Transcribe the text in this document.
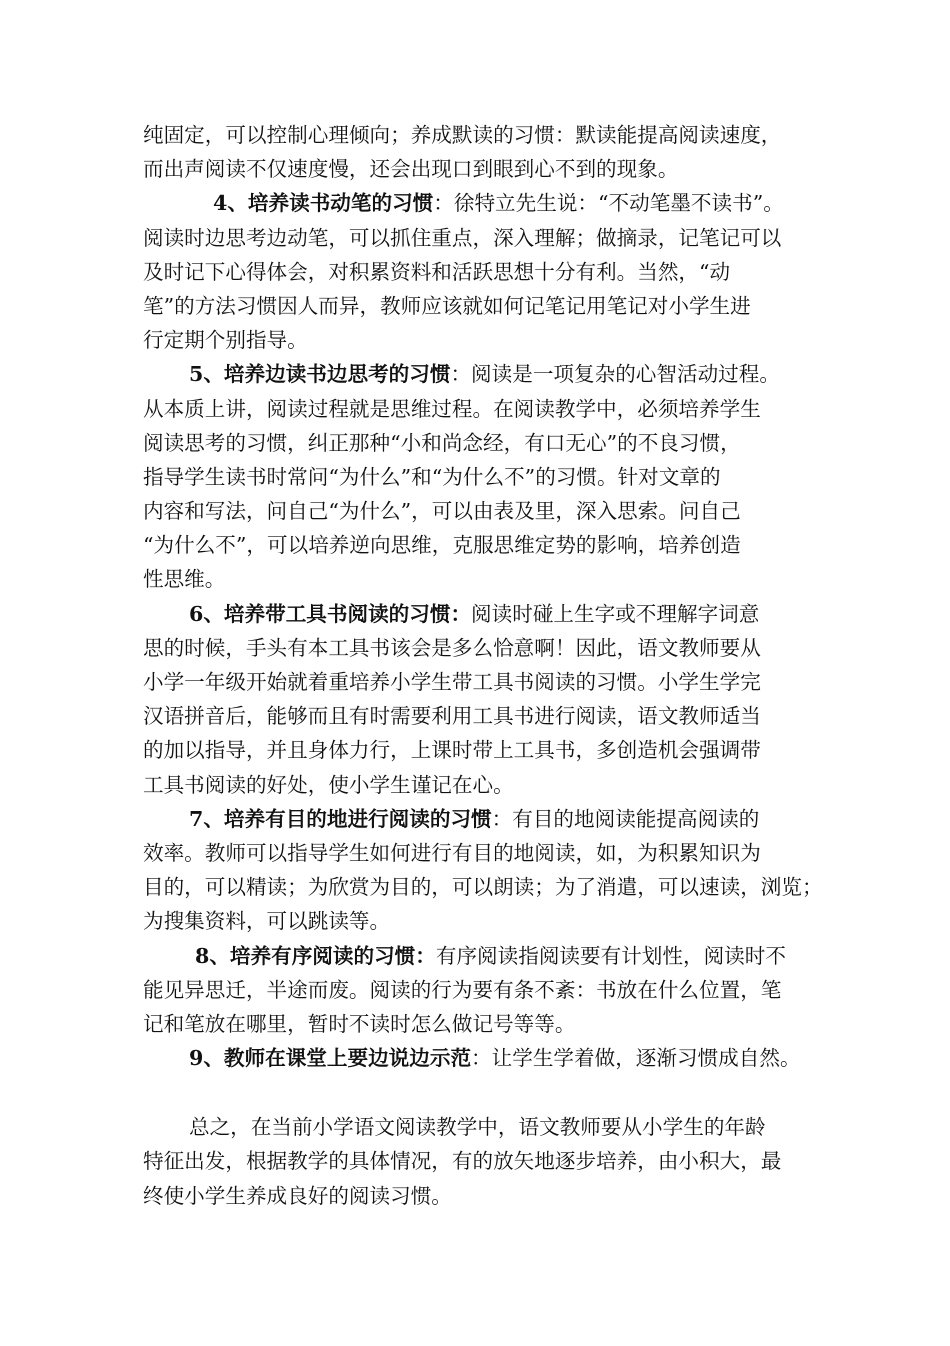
纯固定，可以控制心理倾向；养成默读的习惯：默读能提高阅读速度，
而出声阅读不仅速度慢，还会出现口到眼到心不到的现象。
4、培养读书动笔的习惯：徐特立先生说：“不动笔墨不读书”。
阅读时边思考边动笔，可以抓住重点，深入理解；做摘录，记笔记可以
及时记下心得体会，对积累资料和活跃思想十分有利。当然，“动
笔”的方法习惯因人而异，教师应该就如何记笔记用笔记对小学生进
行定期个别指导。
5、培养边读书边思考的习惯：阅读是一项复杂的心智活动过程。
从本质上讲，阅读过程就是思维过程。在阅读教学中，必须培养学生
阅读思考的习惯，纠正那种“小和尚念经，有口无心”的不良习惯，
指导学生读书时常问“为什么”和“为什么不”的习惯。针对文章的
内容和写法，问自己“为什么”，可以由表及里，深入思索。问自己
“为什么不”，可以培养逆向思维，克服思维定势的影响，培养创造
性思维。
6、培养带工具书阅读的习惯：阅读时碰上生字或不理解字词意
思的时候，手头有本工具书该会是多么恰意啊！因此，语文教师要从
小学一年级开始就着重培养小学生带工具书阅读的习惯。小学生学完
汉语拼音后，能够而且有时需要利用工具书进行阅读，语文教师适当
的加以指导，并且身体力行，上课时带上工具书，多创造机会强调带
工具书阅读的好处，使小学生谨记在心。
7、培养有目的地进行阅读的习惯：有目的地阅读能提高阅读的
效率。教师可以指导学生如何进行有目的地阅读，如，为积累知识为
目的，可以精读；为欣赏为目的，可以朗读；为了消遣，可以速读，浏览；
为搜集资料，可以跳读等。
8、培养有序阅读的习惯：有序阅读指阅读要有计划性，阅读时不
能见异思迁，半途而废。阅读的行为要有条不紊：书放在什么位置，笔
记和笔放在哪里，暂时不读时怎么做记号等等。
9、教师在课堂上要边说边示范：让学生学着做，逐渐习惯成自然。
总之，在当前小学语文阅读教学中，语文教师要从小学生的年龄
特征出发，根据教学的具体情况，有的放矢地逐步培养，由小积大，最
终使小学生养成良好的阅读习惯。
